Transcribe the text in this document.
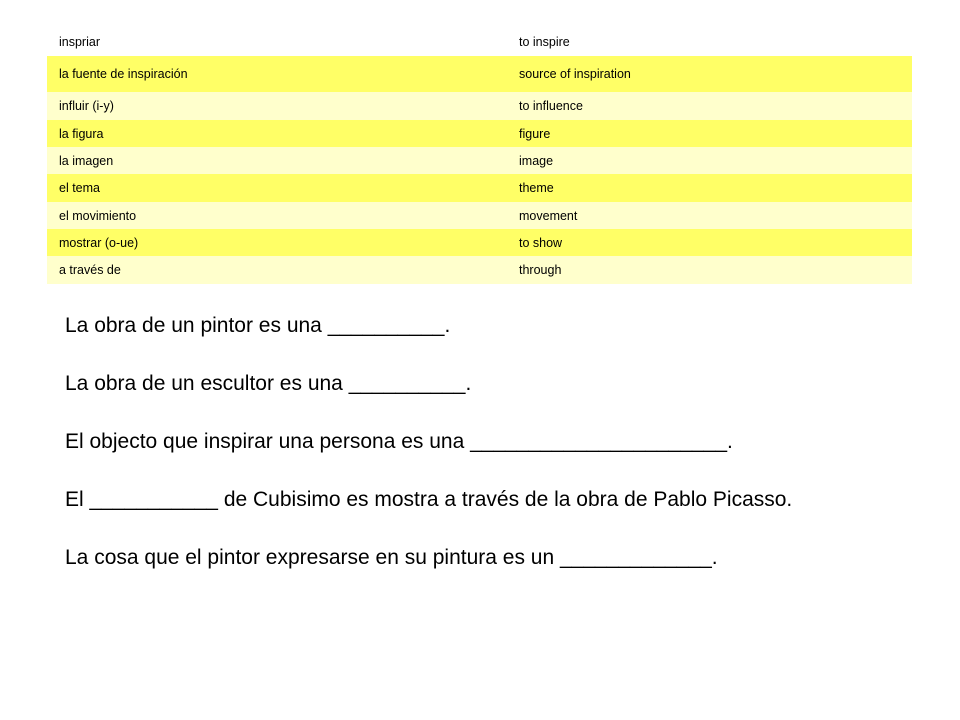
inspriar	to inspire
la fuente de inspiración	source of inspiration
influir (i-y)	to influence
la figura	figure
la imagen	image
el tema	theme
el movimiento	movement
mostrar (o-ue)	to show
a través de	through
La obra de un pintor es una __________.
La obra de un escultor es una __________.
El objecto que inspirar una persona es una ______________________.
El ___________ de Cubisimo es mostra a través de la obra de Pablo Picasso.
La cosa que el pintor expresarse en su pintura es un _____________.
